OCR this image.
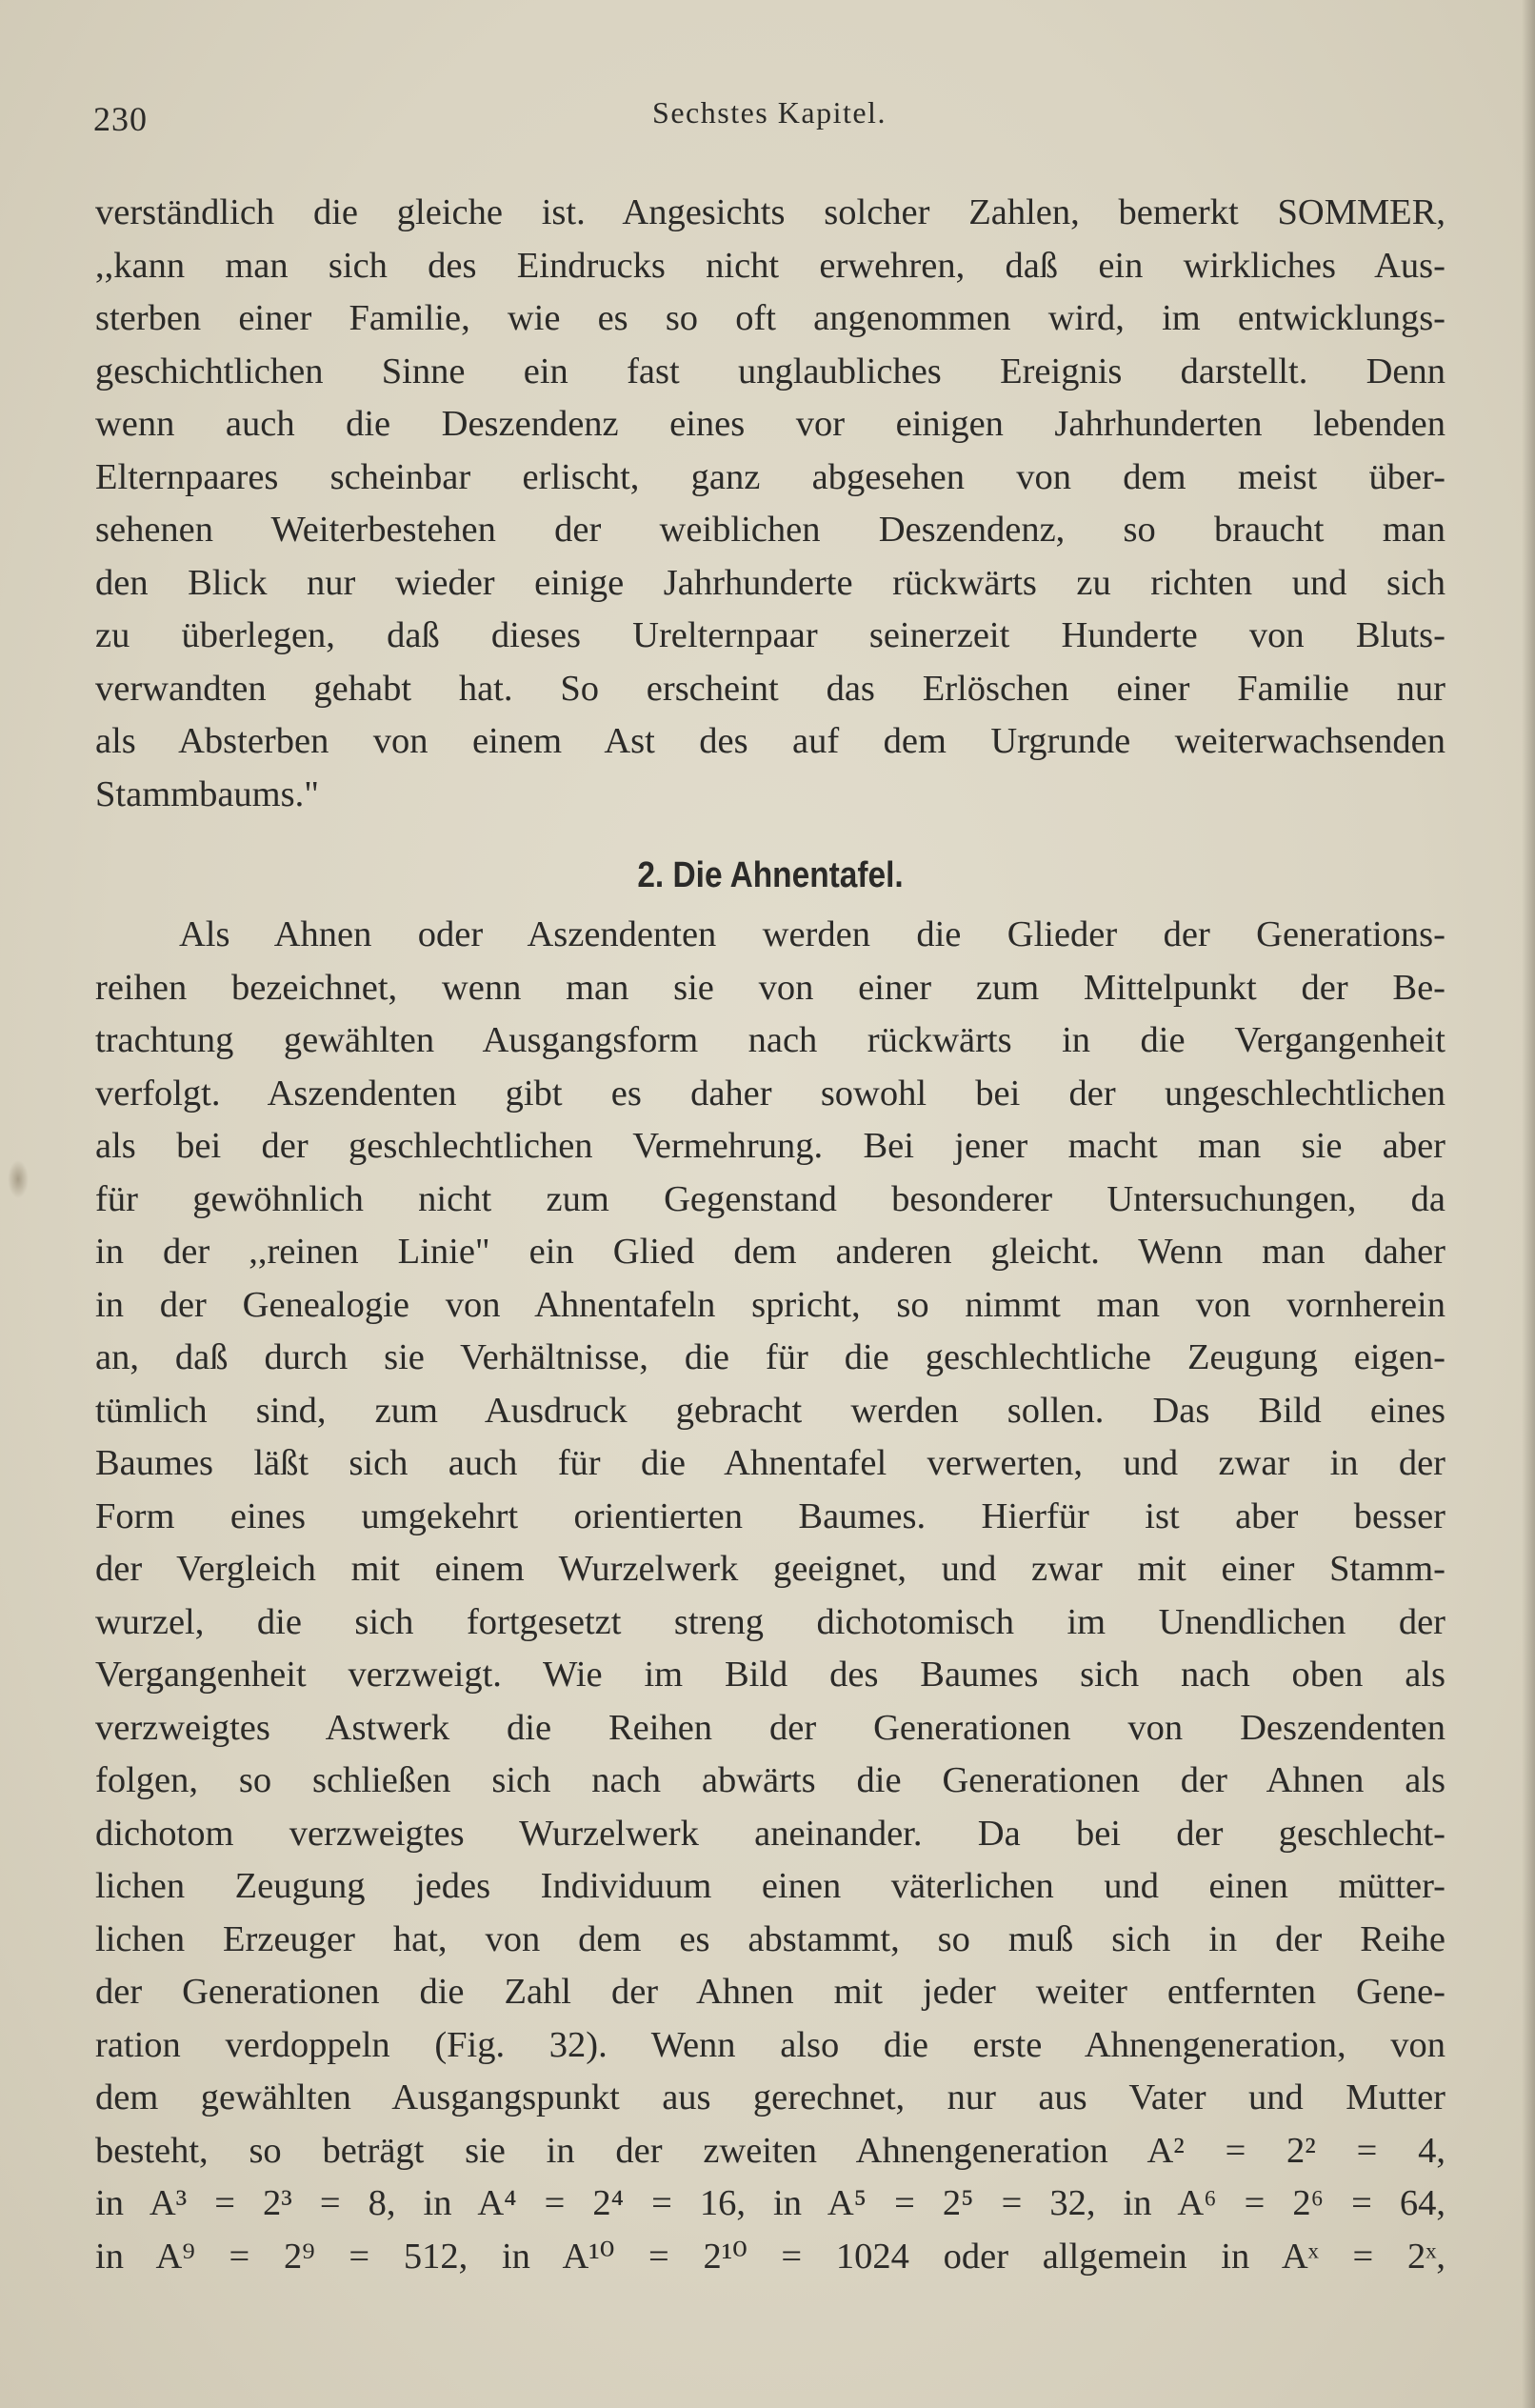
230	Sechstes Kapitel.
verständlich die gleiche ist. Angesichts solcher Zahlen, bemerkt SOMMER,
,,kann man sich des Eindrucks nicht erwehren, daß ein wirkliches Aus-
sterben einer Familie, wie es so oft angenommen wird, im entwicklungs-
geschichtlichen Sinne ein fast unglaubliches Ereignis darstellt. Denn
wenn auch die Deszendenz eines vor einigen Jahrhunderten lebenden
Elternpaares scheinbar erlischt, ganz abgesehen von dem meist über-
sehenen Weiterbestehen der weiblichen Deszendenz, so braucht man
den Blick nur wieder einige Jahrhunderte rückwärts zu richten und sich
zu überlegen, daß dieses Urelternpaar seinerzeit Hunderte von Bluts-
verwandten gehabt hat. So erscheint das Erlöschen einer Familie nur
als Absterben von einem Ast des auf dem Urgrunde weiterwachsenden
Stammbaums."
2. Die Ahnentafel.
Als Ahnen oder Aszendenten werden die Glieder der Generations-
reihen bezeichnet, wenn man sie von einer zum Mittelpunkt der Be-
trachtung gewählten Ausgangsform nach rückwärts in die Vergangenheit
verfolgt. Aszendenten gibt es daher sowohl bei der ungeschlechtlichen
als bei der geschlechtlichen Vermehrung. Bei jener macht man sie aber
für gewöhnlich nicht zum Gegenstand besonderer Untersuchungen, da
in der ,,reinen Linie" ein Glied dem anderen gleicht. Wenn man daher
in der Genealogie von Ahnentafeln spricht, so nimmt man von vornherein
an, daß durch sie Verhältnisse, die für die geschlechtliche Zeugung eigen-
tümlich sind, zum Ausdruck gebracht werden sollen. Das Bild eines
Baumes läßt sich auch für die Ahnentafel verwerten, und zwar in der
Form eines umgekehrt orientierten Baumes. Hierfür ist aber besser
der Vergleich mit einem Wurzelwerk geeignet, und zwar mit einer Stamm-
wurzel, die sich fortgesetzt streng dichotomisch im Unendlichen der
Vergangenheit verzweigt. Wie im Bild des Baumes sich nach oben als
verzweigtes Astwerk die Reihen der Generationen von Deszendenten
folgen, so schließen sich nach abwärts die Generationen der Ahnen als
dichotom verzweigtes Wurzelwerk aneinander. Da bei der geschlecht-
lichen Zeugung jedes Individuum einen väterlichen und einen mütter-
lichen Erzeuger hat, von dem es abstammt, so muß sich in der Reihe
der Generationen die Zahl der Ahnen mit jeder weiter entfernten Gene-
ration verdoppeln (Fig. 32). Wenn also die erste Ahnengeneration, von
dem gewählten Ausgangspunkt aus gerechnet, nur aus Vater und Mutter
besteht, so beträgt sie in der zweiten Ahnengeneration A² = 2² = 4,
in A³ = 2³ = 8, in A⁴ = 2⁴ = 16, in A⁵ = 2⁵ = 32, in A⁶ = 2⁶ = 64,
in A⁹ = 2⁹ = 512, in A¹⁰ = 2¹⁰ = 1024 oder allgemein in Aˣ = 2ˣ,
